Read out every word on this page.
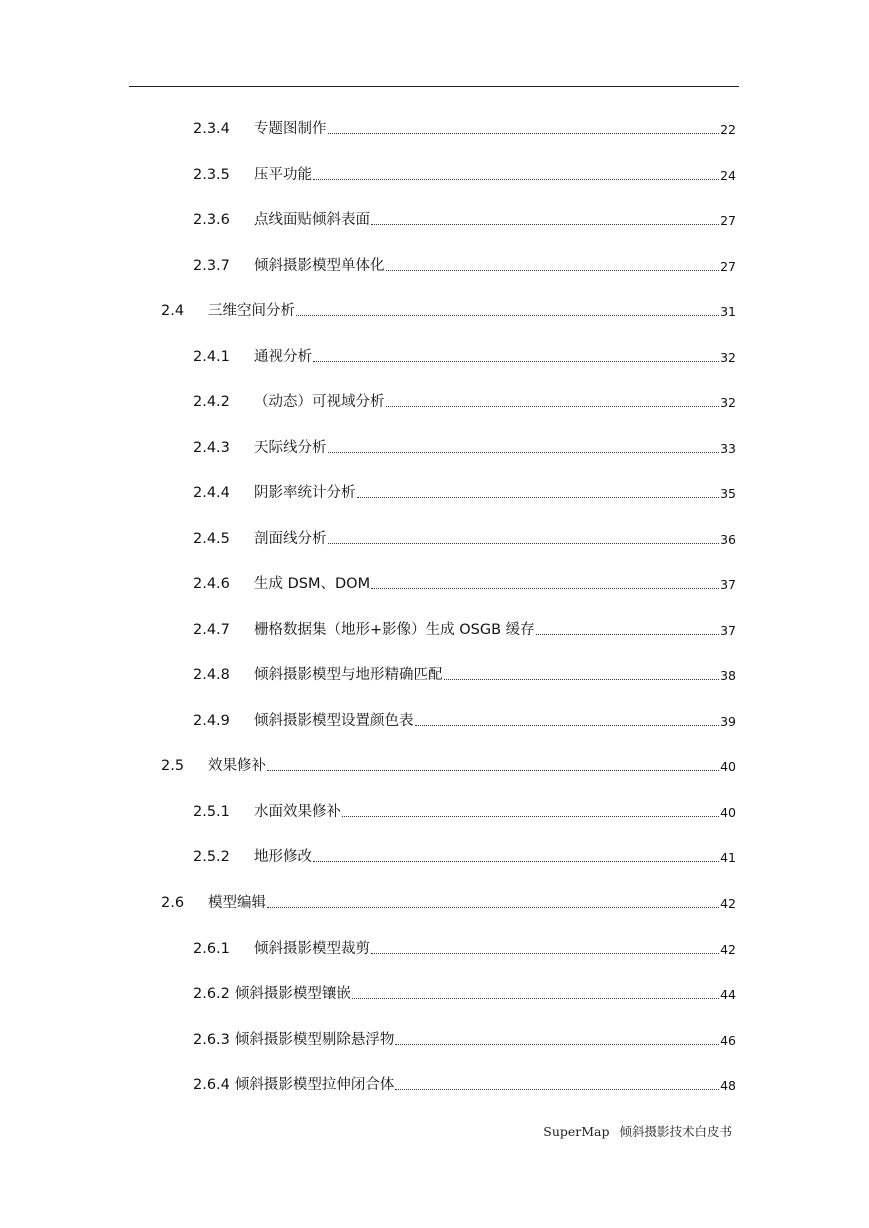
2.3.4	专题图制作	22
2.3.5	压平功能	24
2.3.6	点线面贴倾斜表面	27
2.3.7	倾斜摄影模型单体化	27
2.4	三维空间分析	31
2.4.1	通视分析	32
2.4.2	（动态）可视域分析	32
2.4.3	天际线分析	33
2.4.4	阴影率统计分析	35
2.4.5	剖面线分析	36
2.4.6	生成 DSM、DOM	37
2.4.7	栅格数据集（地形+影像）生成 OSGB 缓存	37
2.4.8	倾斜摄影模型与地形精确匹配	38
2.4.9	倾斜摄影模型设置颜色表	39
2.5	效果修补	40
2.5.1	水面效果修补	40
2.5.2	地形修改	41
2.6	模型编辑	42
2.6.1	倾斜摄影模型裁剪	42
2.6.2 倾斜摄影模型镶嵌	44
2.6.3 倾斜摄影模型剔除悬浮物	46
2.6.4 倾斜摄影模型拉伸闭合体	48
SuperMap 倾斜摄影技术白皮书
